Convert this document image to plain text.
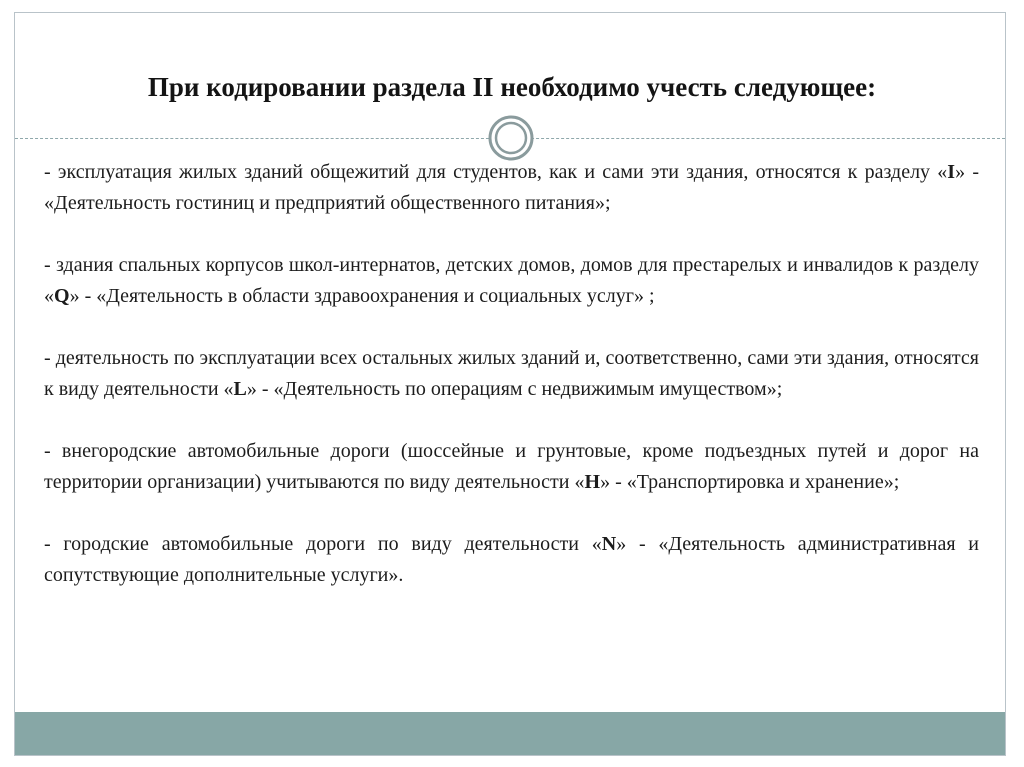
При кодировании раздела II необходимо учесть следующее:

- эксплуатация жилых зданий общежитий для студентов, как и сами эти здания, относятся к разделу «I» - «Деятельность гостиниц и предприятий общественного питания»;

- здания спальных корпусов школ-интернатов, детских домов, домов для престарелых и инвалидов к разделу «Q» - «Деятельность в области здравоохранения и социальных услуг» ;

- деятельность по эксплуатации всех остальных жилых зданий и, соответственно, сами эти здания, относятся к виду деятельности «L» - «Деятельность по операциям с недвижимым имуществом»;

- внегородские автомобильные дороги (шоссейные и грунтовые, кроме подъездных путей и дорог на территории организации) учитываются по виду деятельности «H» - «Транспортировка и хранение»;

- городские автомобильные дороги по виду деятельности «N» - «Деятельность административная и сопутствующие дополнительные услуги».
